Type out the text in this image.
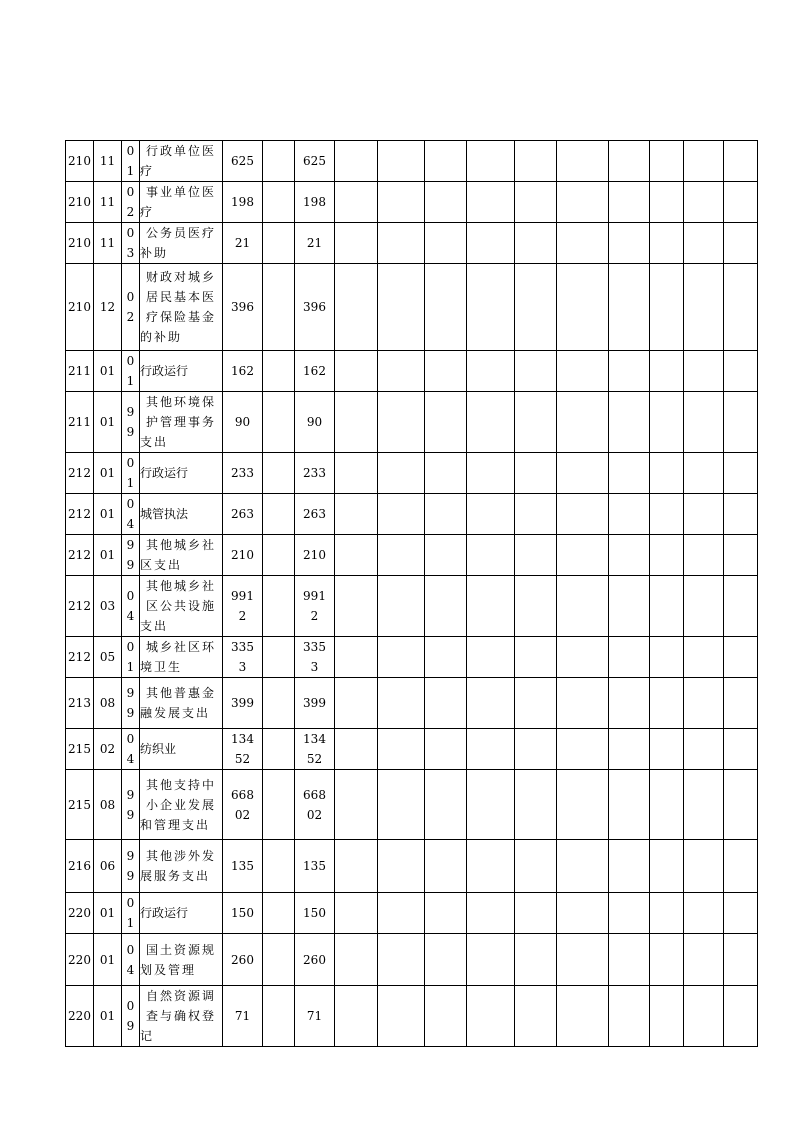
210	11	01	行政单位医疗	625		625										
210	11	02	事业单位医疗	198		198										
210	11	03	公务员医疗补助	21		21										
210	12	02	财政对城乡居民基本医疗保险基金的补助	396		396										
211	01	01	行政运行	162		162										
211	01	99	其他环境保护管理事务支出	90		90										
212	01	01	行政运行	233		233										
212	01	04	城管执法	263		263										
212	01	99	其他城乡社区支出	210		210										
212	03	04	其他城乡社区公共设施支出	9912		9912										
212	05	01	城乡社区环境卫生	3353		3353										
213	08	99	其他普惠金融发展支出	399		399										
215	02	04	纺织业	13452		13452										
215	08	99	其他支持中小企业发展和管理支出	66802		66802										
216	06	99	其他涉外发展服务支出	135		135										
220	01	01	行政运行	150		150										
220	01	04	国土资源规划及管理	260		260										
220	01	09	自然资源调查与确权登记	71		71										
